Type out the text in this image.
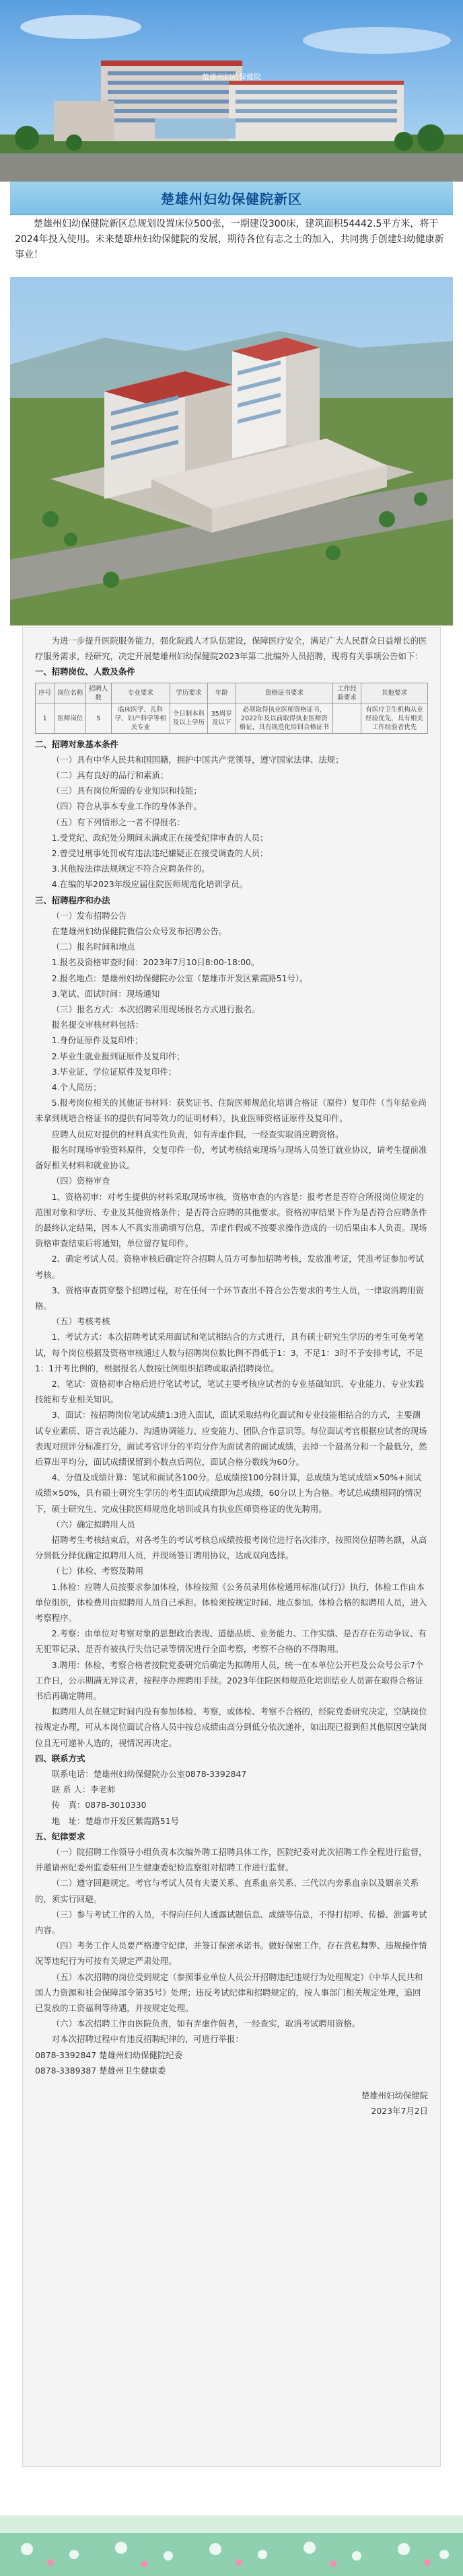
楚雄州妇幼保健院
楚雄州妇幼保健院新区

楚雄州妇幼保健院新区总规划设置床位500张，一期建设300床，建筑面积54442.5平方米，将于2024年投入使用。未来楚雄州妇幼保健院的发展，期待各位有志之士的加入，共同携手创建妇幼健康新事业！

为进一步提升医院服务能力，强化院践人才队伍建设，保障医疗安全，满足广大人民群众日益增长的医疗服务需求，经研究，决定开展楚雄州妇幼保健院2023年第二批编外人员招聘，现将有关事项公告如下：

一、招聘岗位、人数及条件

序号	岗位名称	招聘人数	专业要求	学历要求	年龄	资格证书要求	工作经验要求	其他要求
1	医师岗位	5	临床医学、儿科学、妇产科学等相关专业	全日制本科及以上学历	35周岁及以下	必须取得执业医师资格证书，2022年及以前取得执业医师资格证，具有规范化培训合格证书		有医疗卫生机构从业经验优先，具有相关工作经验者优先

二、招聘对象基本条件

（一）具有中华人民共和国国籍，拥护中国共产党领导，遵守国家法律、法规；

（二）具有良好的品行和素质；

（三）具有岗位所需的专业知识和技能；

（四）符合从事本专业工作的身体条件。

（五）有下列情形之一者不得报名：

1.受党纪、政纪处分期间未满或正在接受纪律审查的人员；

2.曾受过刑事处罚或有违法违纪嫌疑正在接受调查的人员；

3.其他按法律法规规定不符合应聘条件的。

4.在编的毕2023年级应届住院医师规范化培训学员。

三、招聘程序和办法

（一）发布招聘公告

在楚雄州妇幼保健院微信公众号发布招聘公告。

（二）报名时间和地点

1.报名及资格审查时间：2023年7月10日8:00-18:00。

2.报名地点：楚雄州妇幼保健院办公室（楚雄市开发区紫霞路51号）。

3.笔试、面试时间：现场通知

（三）报名方式：本次招聘采用现场报名方式进行报名。

报名提交审核材料包括：

1.身份证原件及复印件；

2.毕业生就业报到证原件及复印件；

3.毕业证、学位证原件及复印件；

4.个人简历；

5.报考岗位相关的其他证书材料：获奖证书、住院医师规范化培训合格证（原件）复印件（当年结业尚未拿到规培合格证书的提供有同等效力的证明材料），执业医师资格证原件及复印件。

应聘人员应对提供的材料真实性负责，如有弄虚作假，一经查实取消应聘资格。

报名时现场审验资料原件，交复印件一份，考试考核结束现场与现场人员签订就业协议，请考生提前准备好相关材料和就业协议。

（四）资格审查

1、资格初审：对考生提供的材料采取现场审核，资格审查的内容是：报考者是否符合所报岗位规定的范围对象和学历、专业及其他资格条件；是否符合应聘的其他要求。资格初审结果下作为是否符合应聘条件的最终认定结果，因本人不真实准确填写信息，弄虚作假或不按要求操作造成的一切后果由本人负责。现场资格审查结束后将通知，单位留存复印件。

2、确定考试人员。资格审核后确定符合招聘人员方可参加招聘考核，发放准考证，凭准考证参加考试考核。

3、资格审查贯穿整个招聘过程，对在任何一个环节查出不符合公告要求的考生人员，一律取消聘用资格。

（五）考核考核

1、考试方式：本次招聘考试采用面试和笔试相结合的方式进行，具有硕士研究生学历的考生可免考笔试，每个岗位根据及资格审核通过人数与招聘岗位数比例不得低于1：3，不足1：3时不予安排考试，不足1：1开考比例的，根据报名人数按比例组织招聘或取消招聘岗位。

2、笔试：资格初审合格后进行笔试考试，笔试主要考核应试者的专业基础知识、专业能力、专业实践技能和专业相关知识。

3、面试：按招聘岗位笔试成绩1:3进入面试，面试采取结构化面试和专业技能相结合的方式，主要测试专业素质、语言表达能力、沟通协调能力、应变能力、团队合作意识等。每位面试考官根据应试者的现场表现对照评分标准打分，面试考官评分的平均分作为面试者的面试成绩，去掉一个最高分和一个最低分，然后算出平均分，面试成绩保留到小数点后两位，面试合格分数线为60分。

4、分值及成绩计算：笔试和面试各100分。总成绩按100分制计算，总成绩为笔试成绩×50%+面试成绩×50%，具有硕士研究生学历的考生面试成绩即为总成绩，60分以上为合格。考试总成绩相同的情况下，硕士研究生、完成住院医师规范化培训或具有执业医师资格证的优先聘用。

（六）确定拟聘用人员

招聘考生考核结束后，对各考生的考试考核总成绩按报考岗位进行名次排序，按照岗位招聘名额，从高分到低分择优确定拟聘用人员，并现场签订聘用协议，达成双向选择。

（七）体检、考察及聘用

1.体检：应聘人员按要求参加体检，体检按照《公务员录用体检通用标准(试行)》执行，体检工作由本单位组织，体检费用由拟聘用人员自己承担。体检须按规定时间、地点参加。体检合格的拟聘用人员，进入考察程序。

2.考察：由单位对考察对象的思想政治表现、道德品质、业务能力、工作实绩、是否存在劳动争议、有无犯罪记录、是否有被执行失信记录等情况进行全面考察，考察不合格的不得聘用。

3.聘用：体检、考察合格者按院党委研究后确定为拟聘用人员，统一在本单位公开栏及公众号公示7个工作日，公示期满无异议者，按程序办理聘用手续。2023年住院医师规范化培训结业人员需在取得合格证书后再确定聘用。

拟聘用人员在规定时间内没有参加体检、考察，或体检、考察不合格的，经院党委研究决定，空缺岗位按规定办理，可从本岗位面试合格人员中按总成绩由高分到低分依次递补，如出现已报到但其他原因空缺岗位且无可递补人选的，视情况再决定。

四、联系方式

联系电话：楚雄州妇幼保健院办公室0878-3392847

联 系 人：李老师

传　真：0878-3010330

地　址：楚雄市开发区紫霞路51号

五、纪律要求

（一）院招聘工作领导小组负责本次编外聘工招聘具体工作，医院纪委对此次招聘工作全程进行监督，并邀请州纪委州监委驻州卫生健康委纪检监察组对招聘工作进行监督。

（二）遵守回避规定。考官与考试人员有夫妻关系、直系血亲关系、三代以内旁系血亲以及姻亲关系的，须实行回避。

（三）参与考试工作的人员，不得向任何人透露试题信息、成绩等信息，不得打招呼、传播、泄露考试内容。

（四）考务工作人员要严格遵守纪律，并签订保密承诺书。做好保密工作，存在营私舞弊、违规操作情况等违纪行为可按有关规定严肃处理。

（五）本次招聘的岗位受到规定（参照事业单位人员公开招聘违纪违规行为处理规定）《中华人民共和国人力资源和社会保障部令第35号》处理；违反考试纪律和招聘规定的，按人事部门相关规定处理，追回已发放的工资福利等待遇，并按规定处理。

（六）本次招聘工作由医院负责，如有弄虚作假者，一经查实，取消考试聘用资格。

对本次招聘过程中有违反招聘纪律的，可进行举报：

0878-3392847 楚雄州妇幼保健院纪委

0878-3389387 楚雄州卫生健康委

楚雄州妇幼保健院

2023年7月2日
